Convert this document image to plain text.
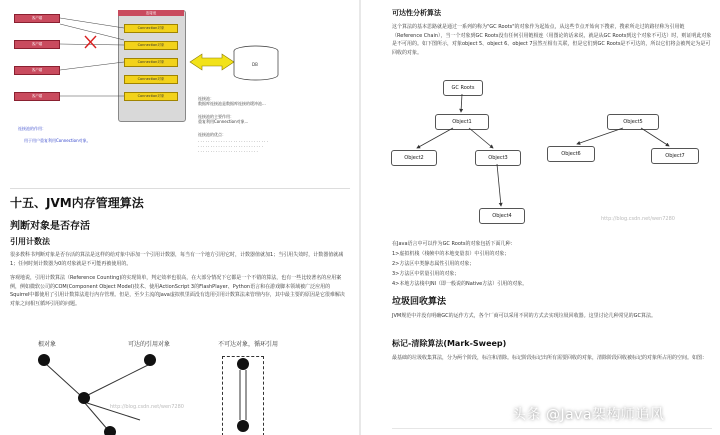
客户端
客户端
客户端
客户端
连接池
Connection对象
Connection对象
Connection对象
Connection对象
Connection对象
DB
连接池的作用：
用于用户重复利用Connection对象。
连接池：
数据库连接池是数据库连接的缓冲池...
连接池的主要作用：
重复利用Connection对象...
连接池的优点：
· · · · · · · · · · · · · · · · · · · · · · · · · · · ·
· · · · · · · · · · · · · · · · · · · · · · · · · ·
· · · · · · · · · · · · · · · · · · · · · · · ·
十五、JVM内存管理算法
判断对象是否存活
引用计数法
很多教科书判断对象是否存活的算法是这样的给对象中添加一个引用计数器，每当有一个地方引用它时，计数器值就加1；当引用失效时，计数器值就减1；任何时刻计数器为0的对象就是不可能再被使用的。
客观地说，引用计数算法（Reference Counting)的实现简单，判定效率也很高，在大部分情况下它都是一个不错的算法，也有一些比较著名的应用案例，例如微软公司的COM(Component Object Model)技术、使用ActionScript 3的FlashPlayer、Python语言和在游戏脚本领域被广泛应用的Squirrel中都使用了引用计数算法进行内存管理。但是，至少主流的Java虚拟机里面没有选用引用计数算法来管理内存，其中最主要的原因是它很难解决对象之间相互循环引用的问题。
根对象	可达的引用对象	不可达对象，循环引用
http://blog.csdn.net/wen7280
可达性分析算法
这个算法的基本思路就是通过一系列的称为"GC Roots"的对象作为起始点，从这些节点开始向下搜索，搜索所走过的路径称为引用链（Reference Chain），当一个对象到GC Roots没有任何引用链相连（用图论的话来说，就是从GC Roots到这个对象不可达）时，则证明此对象是不可用的。如下图所示，对象object 5、object 6、object 7虽然互相有关联，但是它们到GC Roots是不可达的，所以它们将会被判定为是可回收的对象。
GC Roots
Object1
Object2	Object3
Object4
Object5
Object6	Object7
http://blog.csdn.net/wen7280
在Java语言中可以作为GC Roots的对象包括下面几种：
1>虚拟机栈（栈帧中的本地变量表）中引用的对象；
2>方法区中类静态属性引用的对象；
3>方法区中常量引用的对象；
4>本地方法栈中JNI（即一般说的Native方法）引用的对象。
垃圾回收算法
JVM规范中并没有明确GC的运作方式，各个厂商可以采用不同的方式去实现垃圾回收器。这里讨论几种常见的GC算法。
标记-清除算法(Mark-Sweep)
最基础的垃圾收集算法，分为两个阶段，标注和清除。标记阶段标记出所有需要回收的对象，清除阶段回收被标记的对象所占用的空间。如图：
头条 @Java架构师追风
